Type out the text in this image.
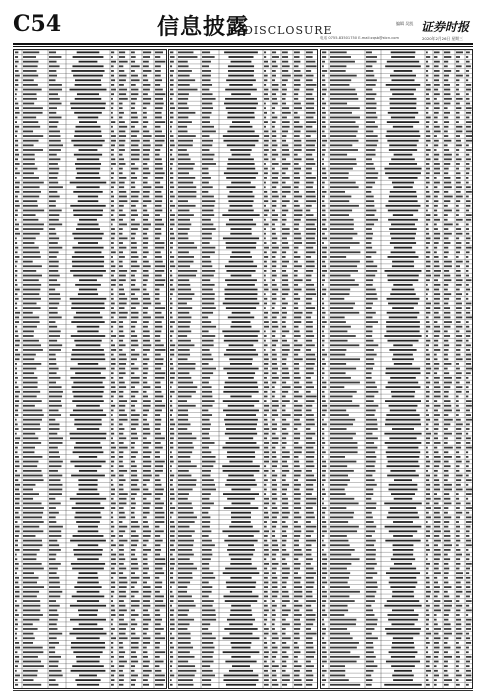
C54	信息披露
DISCLOSURE
编辑 吴凯
电话 0755-83501750 E-mail:zqsb@stcn.com
证券时报
2020年2月26日 星期三
